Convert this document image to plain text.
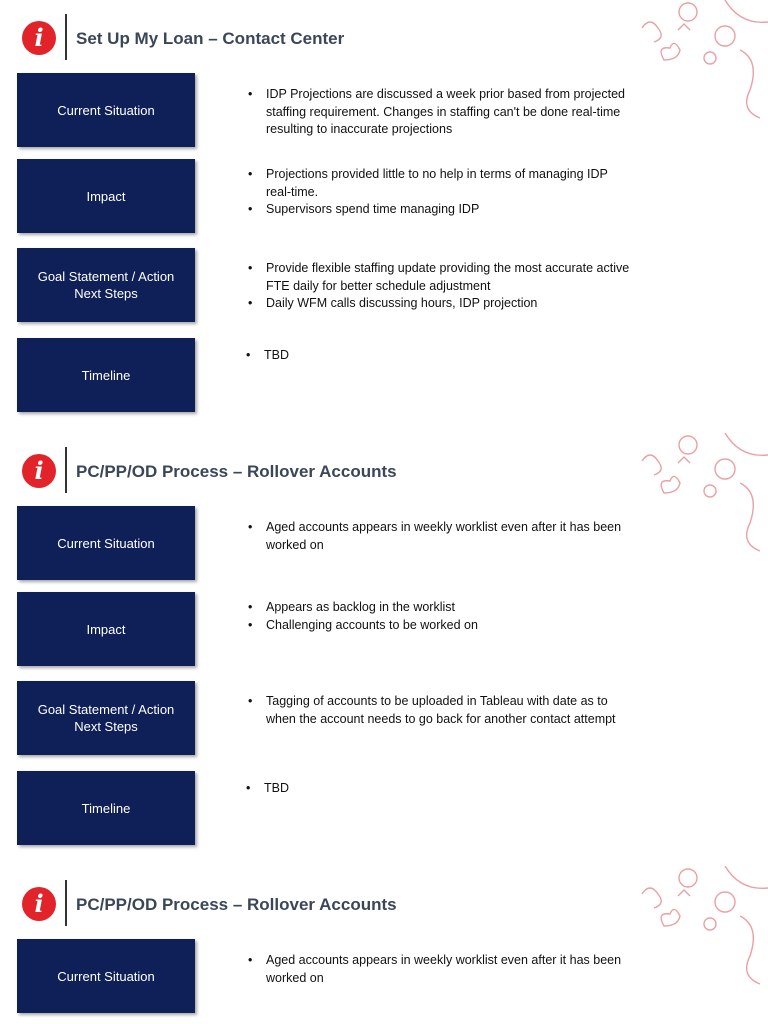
i	Set Up My Loan – Contact Center
Current Situation
• IDP Projections are discussed a week prior based from projected staffing requirement. Changes in staffing can't be done real-time resulting to inaccurate projections
Impact
• Projections provided little to no help in terms of managing IDP real-time.
• Supervisors spend time managing IDP
Goal Statement / Action Next Steps
• Provide flexible staffing update providing the most accurate active FTE daily for better schedule adjustment
• Daily WFM calls discussing hours, IDP projection
Timeline
• TBD
i	PC/PP/OD Process – Rollover Accounts
Current Situation
• Aged accounts appears in weekly worklist even after it has been worked on
Impact
• Appears as backlog in the worklist
• Challenging accounts to be worked on
Goal Statement / Action Next Steps
• Tagging of accounts to be uploaded in Tableau with date as to when the account needs to go back for another contact attempt
Timeline
• TBD
i	PC/PP/OD Process – Rollover Accounts
Current Situation
• Aged accounts appears in weekly worklist even after it has been worked on
